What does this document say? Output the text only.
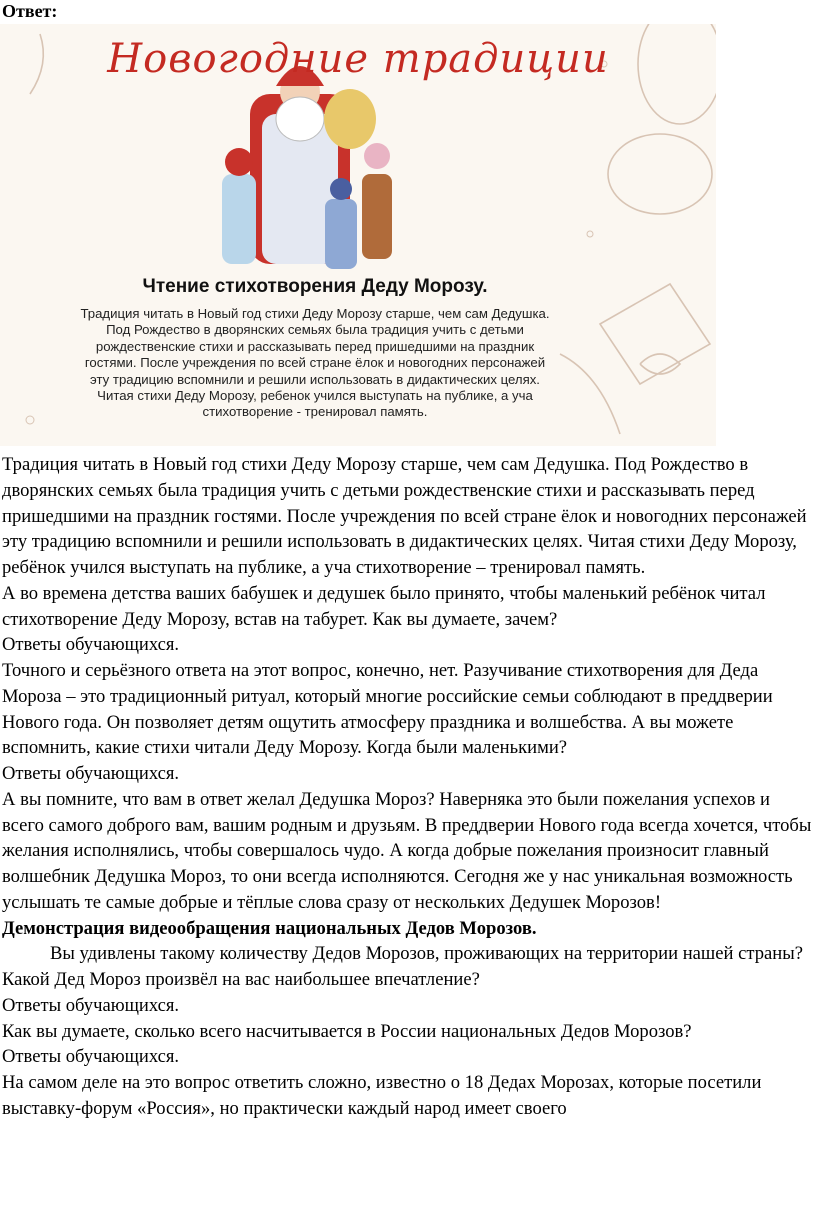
Ответ:
Новогодние традиции
Чтение стихотворения Деду Морозу.
Традиция читать в Новый год стихи Деду Морозу старше, чем сам Дедушка. Под Рождество в дворянских семьях была традиция учить с детьми рождественские стихи и рассказывать перед пришедшими на праздник гостями. После учреждения по всей стране ёлок и новогодних персонажей эту традицию вспомнили и решили использовать в дидактических целях. Читая стихи Деду Морозу, ребенок учился выступать на публике, а уча стихотворение - тренировал память.

Традиция читать в Новый год стихи Деду Морозу старше, чем сам Дедушка. Под Рождество в дворянских семьях была традиция учить с детьми рождественские стихи и рассказывать перед пришедшими на праздник гостями. После учреждения по всей стране ёлок и новогодних персонажей эту традицию вспомнили и решили использовать в дидактических целях. Читая стихи Деду Морозу, ребёнок учился выступать на публике, а уча стихотворение – тренировал память.

А во времена детства ваших бабушек и дедушек было принято, чтобы маленький ребёнок читал стихотворение Деду Морозу, встав на табурет. Как вы думаете, зачем?

Ответы обучающихся.

Точного и серьёзного ответа на этот вопрос, конечно, нет. Разучивание стихотворения для Деда Мороза – это традиционный ритуал, который многие российские семьи соблюдают в преддверии Нового года. Он позволяет детям ощутить атмосферу праздника и волшебства. А вы можете вспомнить, какие стихи читали Деду Морозу. Когда были маленькими?

Ответы обучающихся.

А вы помните, что вам в ответ желал Дедушка Мороз? Наверняка это были пожелания успехов и всего самого доброго вам, вашим родным и друзьям. В преддверии Нового года всегда хочется, чтобы желания исполнялись, чтобы совершалось чудо. А когда добрые пожелания произносит главный волшебник Дедушка Мороз, то они всегда исполняются. Сегодня же у нас уникальная возможность услышать те самые добрые и тёплые слова сразу от нескольких Дедушек Морозов!

Демонстрация видеообращения национальных Дедов Морозов.

Вы удивлены такому количеству Дедов Морозов, проживающих на территории нашей страны? Какой Дед Мороз произвёл на вас наибольшее впечатление?

Ответы обучающихся.

Как вы думаете, сколько всего насчитывается в России национальных Дедов Морозов?

Ответы обучающихся.

На самом деле на это вопрос ответить сложно, известно о 18 Дедах Морозах, которые посетили выставку-форум «Россия», но практически каждый народ имеет своего
